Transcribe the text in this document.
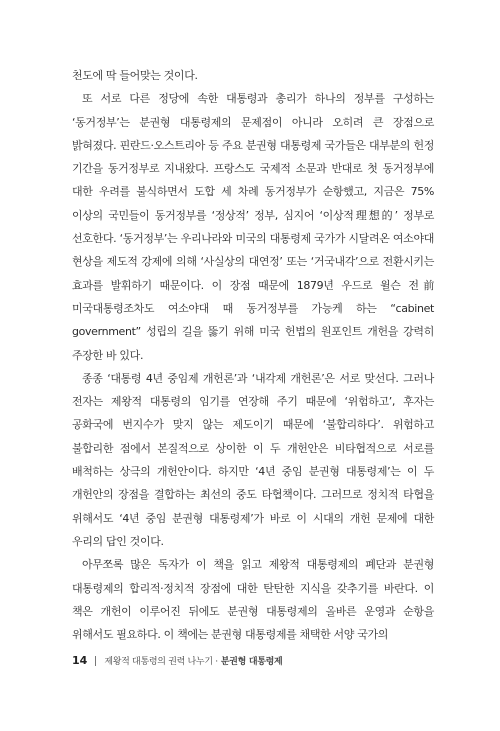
천도에 딱 들어맞는 것이다.

또 서로 다른 정당에 속한 대통령과 총리가 하나의 정부를 구성하는 ‘동거정부’는 분권형 대통령제의 문제점이 아니라 오히려 큰 장점으로 밝혀졌다. 핀란드·오스트리아 등 주요 분권형 대통령제 국가들은 대부분의 헌정 기간을 동거정부로 지내왔다. 프랑스도 국제적 소문과 반대로 첫 동거정부에 대한 우려를 불식하면서 도합 세 차례 동거정부가 순항했고, 지금은 75% 이상의 국민들이 동거정부를 ‘정상적’ 정부, 심지어 ‘이상적理想的’ 정부로 선호한다. ‘동거정부’는 우리나라와 미국의 대통령제 국가가 시달려온 여소야대 현상을 제도적 강제에 의해 ‘사실상의 대연정’ 또는 ‘거국내각’으로 전환시키는 효과를 발휘하기 때문이다. 이 장점 때문에 1879년 우드로 윌슨 전前 미국대통령조차도 여소야대 때 동거정부를 가능케 하는 “cabinet government” 성립의 길을 뚫기 위해 미국 헌법의 원포인트 개헌을 강력히 주장한 바 있다.

종종 ‘대통령 4년 중임제 개헌론’과 ‘내각제 개헌론’은 서로 맞선다. 그러나 전자는 제왕적 대통령의 임기를 연장해 주기 때문에 ‘위험하고’, 후자는 공화국에 번지수가 맞지 않는 제도이기 때문에 ‘불합리하다’. 위험하고 불합리한 점에서 본질적으로 상이한 이 두 개헌안은 비타협적으로 서로를 배척하는 상극의 개헌안이다. 하지만 ‘4년 중임 분권형 대통령제’는 이 두 개헌안의 장점을 결합하는 최선의 중도 타협책이다. 그러므로 정치적 타협을 위해서도 ‘4년 중임 분권형 대통령제’가 바로 이 시대의 개헌 문제에 대한 우리의 답인 것이다.

아무쪼록 많은 독자가 이 책을 읽고 제왕적 대통령제의 폐단과 분권형 대통령제의 합리적·정치적 장점에 대한 탄탄한 지식을 갖추기를 바란다. 이 책은 개헌이 이루어진 뒤에도 분권형 대통령제의 올바른 운영과 순항을 위해서도 필요하다. 이 책에는 분권형 대통령제를 채택한 서양 국가의

14 제왕적 대통령의 권력 나누기 · 분권형 대통령제
